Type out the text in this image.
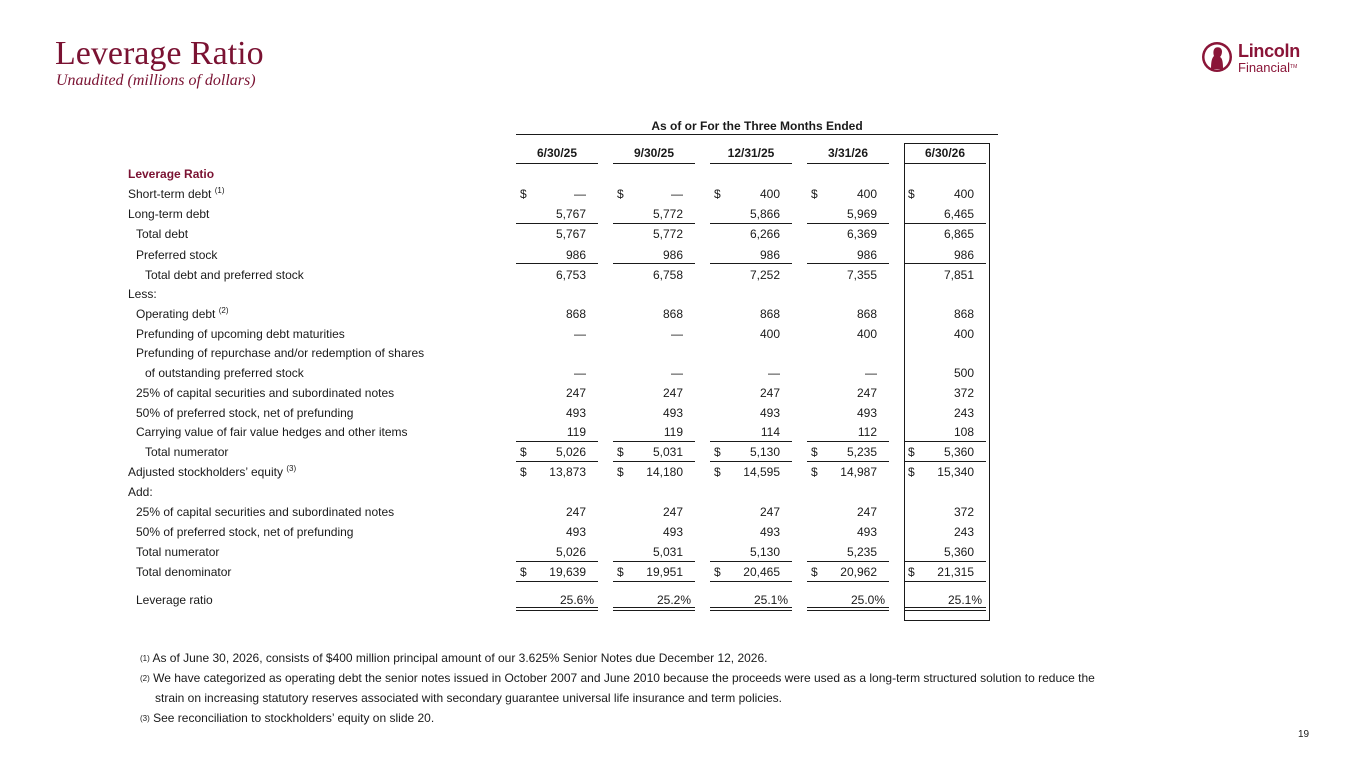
Leverage Ratio
Unaudited (millions of dollars)
Lincoln
Financial™
As of or For the Three Months Ended
6/30/25	9/30/25	12/31/25	3/31/26	6/30/26
Leverage Ratio
Short-term debt $^{(1)}$	$	—	$	—	$	400	$	400	$	400
Long-term debt	5,767	5,772	5,866	5,969	6,465
Total debt	5,767	5,772	6,266	6,369	6,865
Preferred stock	986	986	986	986	986
Total debt and preferred stock	6,753	6,758	7,252	7,355	7,851
Less:
Operating debt $^{(2)}$	868	868	868	868	868
Prefunding of upcoming debt maturities	—	—	400	400	400
Prefunding of repurchase and/or redemption of shares
of outstanding preferred stock	—	—	—	—	500
25% of capital securities and subordinated notes	247	247	247	247	372
50% of preferred stock, net of prefunding	493	493	493	493	243
Carrying value of fair value hedges and other items	119	119	114	112	108
Total numerator	$	5,026	$	5,031	$	5,130	$	5,235	$	5,360
Adjusted stockholders’ equity $^{(3)}$	$	13,873	$	14,180	$	14,595	$	14,987	$	15,340
Add:
25% of capital securities and subordinated notes	247	247	247	247	372
50% of preferred stock, net of prefunding	493	493	493	493	243
Total numerator	5,026	5,031	5,130	5,235	5,360
Total denominator	$	19,639	$	19,951	$	20,465	$	20,962	$	21,315
Leverage ratio	25.6%	25.2%	25.1%	25.0%	25.1%
$^{(1)}$ As of June 30, 2026, consists of $400 million principal amount of our 3.625% Senior Notes due December 12, 2026.
$^{(2)}$ We have categorized as operating debt the senior notes issued in October 2007 and June 2010 because the proceeds were used as a long-term structured solution to reduce the
strain on increasing statutory reserves associated with secondary guarantee universal life insurance and term policies.
$^{(3)}$ See reconciliation to stockholders’ equity on slide 20.
19
